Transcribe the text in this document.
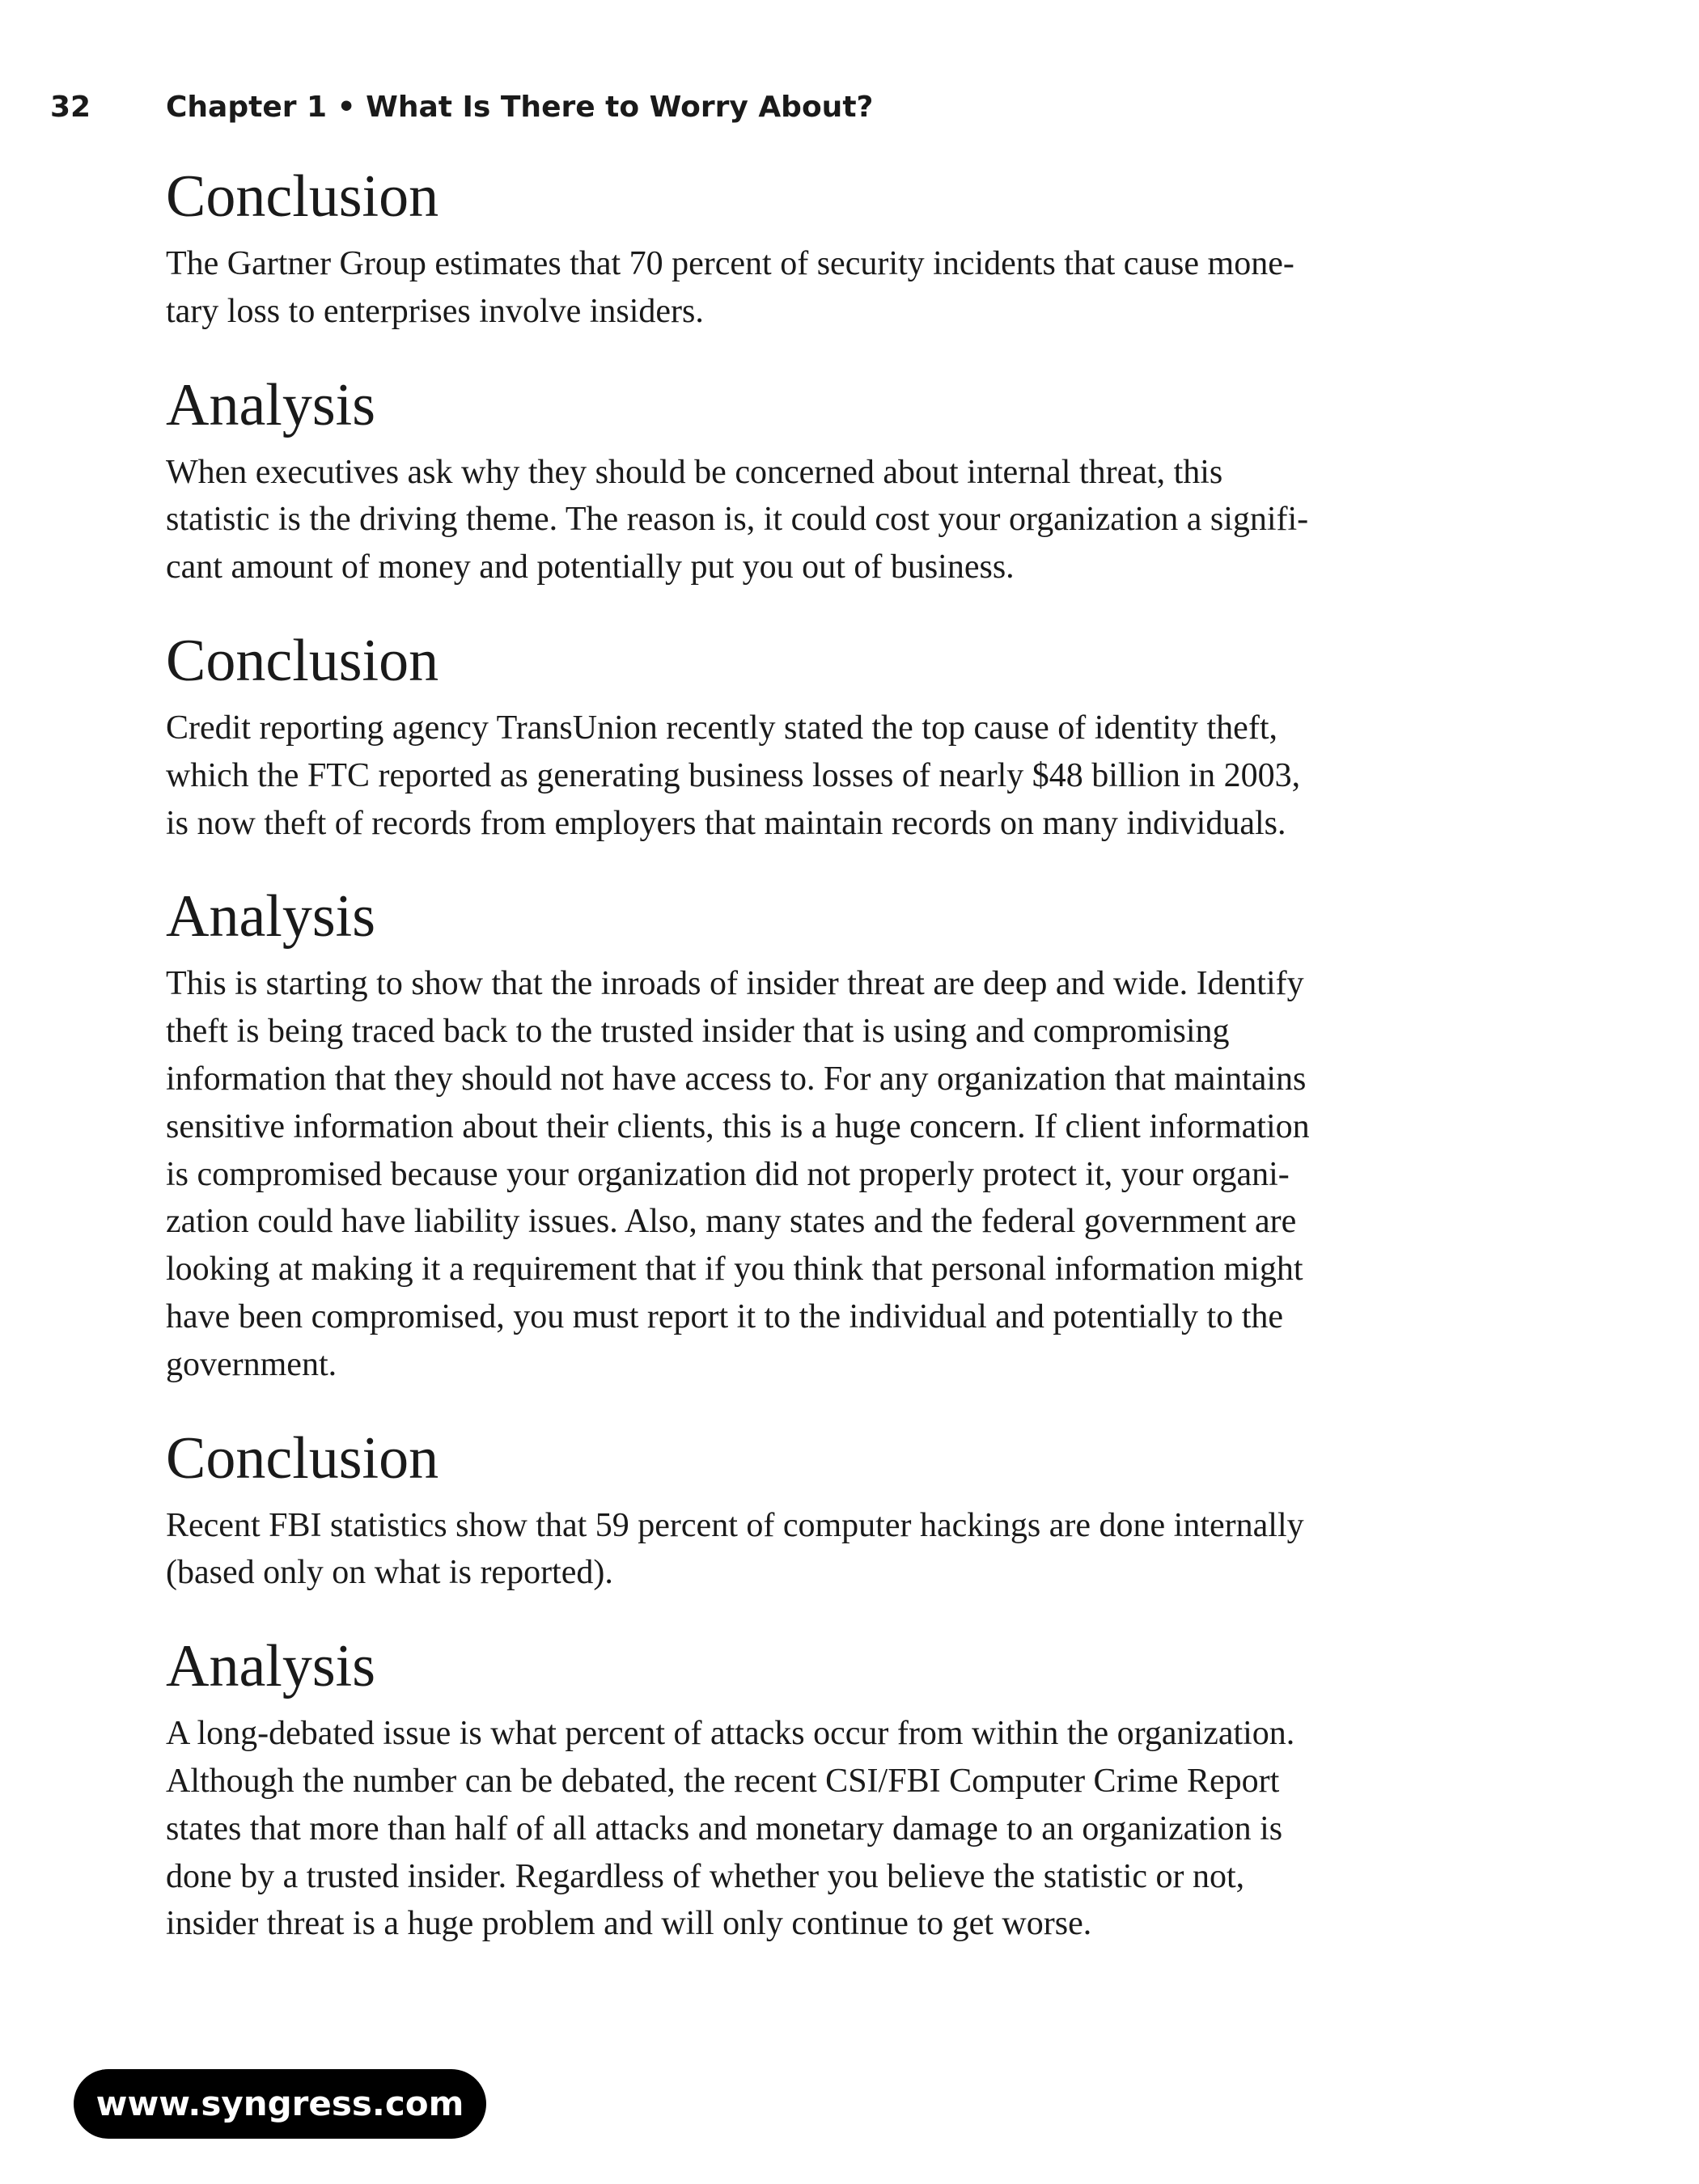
32	Chapter 1 • What Is There to Worry About?
Conclusion

The Gartner Group estimates that 70 percent of security incidents that cause mone-
tary loss to enterprises involve insiders.

Analysis

When executives ask why they should be concerned about internal threat, this
statistic is the driving theme. The reason is, it could cost your organization a signifi-
cant amount of money and potentially put you out of business.

Conclusion

Credit reporting agency TransUnion recently stated the top cause of identity theft,
which the FTC reported as generating business losses of nearly $48 billion in 2003,
is now theft of records from employers that maintain records on many individuals.

Analysis

This is starting to show that the inroads of insider threat are deep and wide. Identify
theft is being traced back to the trusted insider that is using and compromising
information that they should not have access to. For any organization that maintains
sensitive information about their clients, this is a huge concern. If client information
is compromised because your organization did not properly protect it, your organi-
zation could have liability issues. Also, many states and the federal government are
looking at making it a requirement that if you think that personal information might
have been compromised, you must report it to the individual and potentially to the
government.

Conclusion

Recent FBI statistics show that 59 percent of computer hackings are done internally
(based only on what is reported).

Analysis

A long-debated issue is what percent of attacks occur from within the organization.
Although the number can be debated, the recent CSI/FBI Computer Crime Report
states that more than half of all attacks and monetary damage to an organization is
done by a trusted insider. Regardless of whether you believe the statistic or not,
insider threat is a huge problem and will only continue to get worse.

www.syngress.com
